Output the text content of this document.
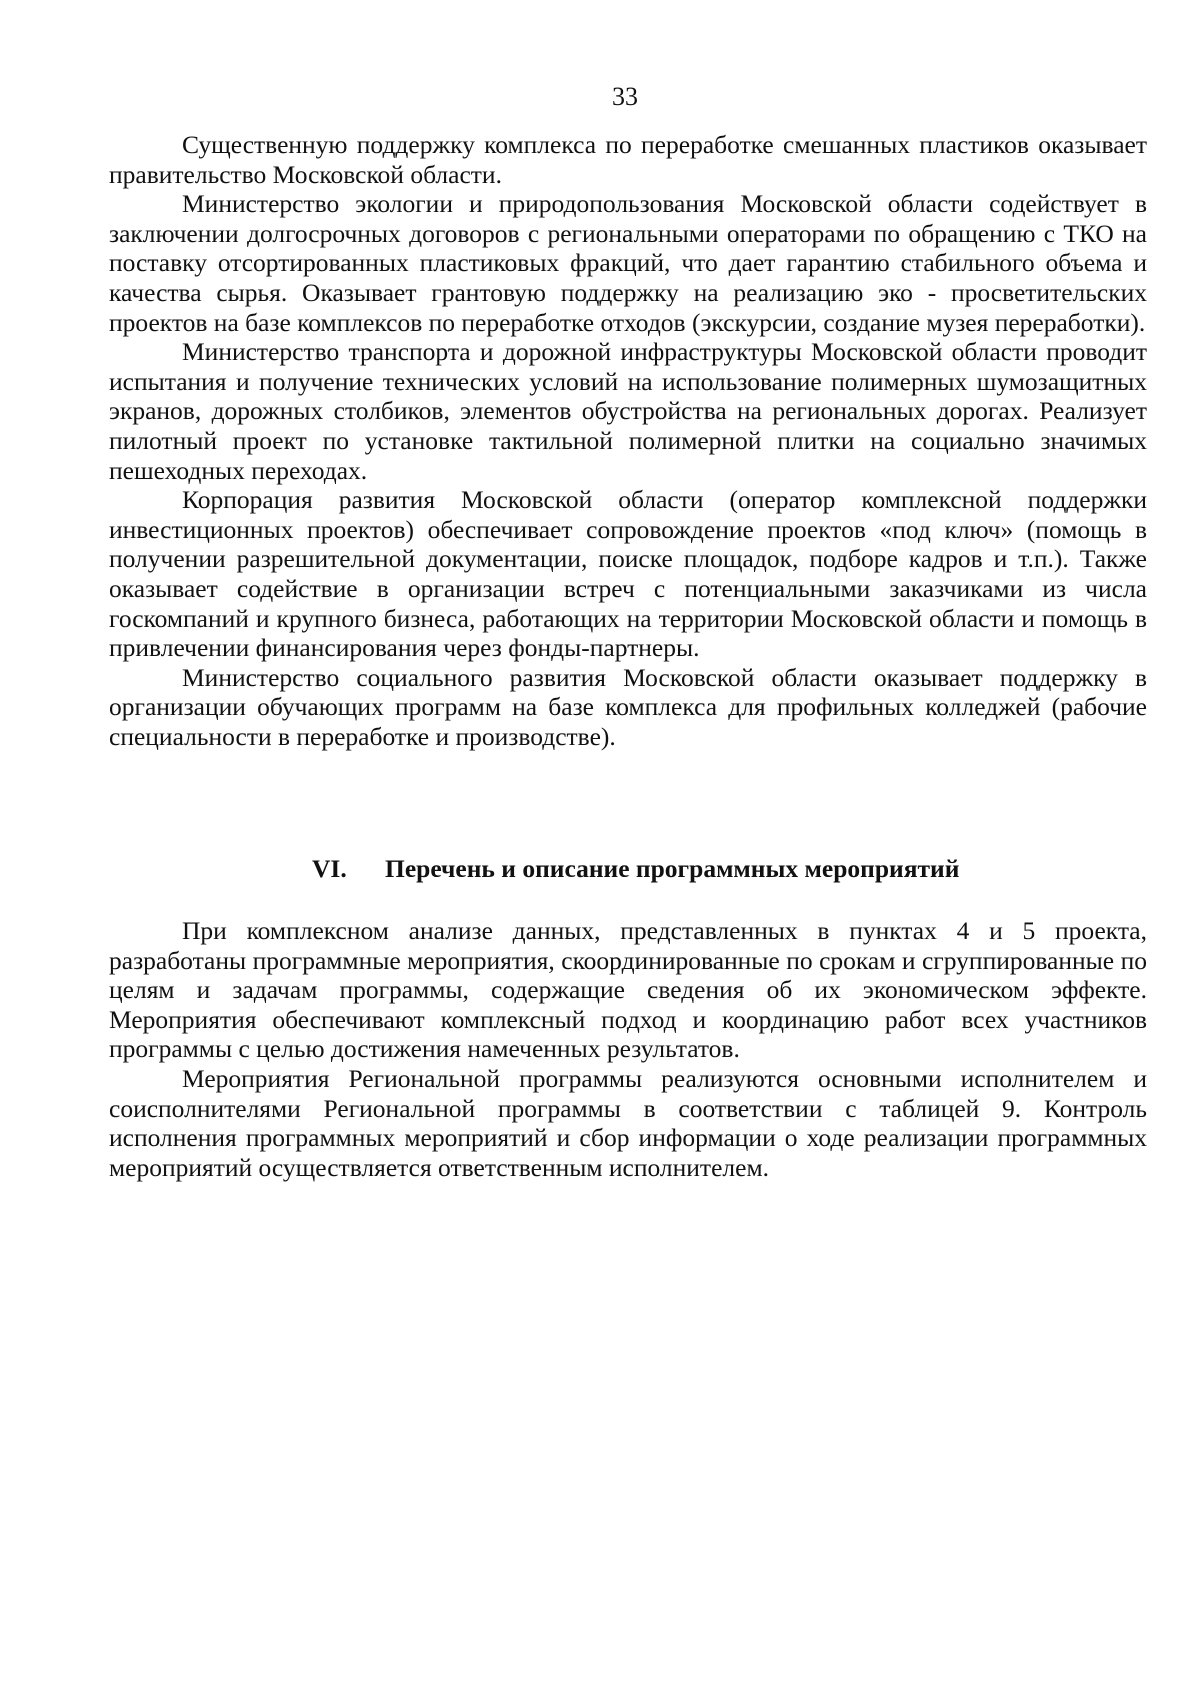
33

Существенную поддержку комплекса по переработке смешанных пластиков оказывает правительство Московской области.

Министерство экологии и природопользования Московской области содействует в заключении долгосрочных договоров с региональными операторами по обращению с ТКО на поставку отсортированных пластиковых фракций, что дает гарантию стабильного объема и качества сырья. Оказывает грантовую поддержку на реализацию эко - просветительских проектов на базе комплексов по переработке отходов (экскурсии, создание музея переработки).

Министерство транспорта и дорожной инфраструктуры Московской области проводит испытания и получение технических условий на использование полимерных шумозащитных экранов, дорожных столбиков, элементов обустройства на региональных дорогах. Реализует пилотный проект по установке тактильной полимерной плитки на социально значимых пешеходных переходах.

Корпорация развития Московской области (оператор комплексной поддержки инвестиционных проектов) обеспечивает сопровождение проектов «под ключ» (помощь в получении разрешительной документации, поиске площадок, подборе кадров и т.п.). Также оказывает содействие в организации встреч с потенциальными заказчиками из числа госкомпаний и крупного бизнеса, работающих на территории Московской области и помощь в привлечении финансирования через фонды-партнеры.

Министерство социального развития Московской области оказывает поддержку в организации обучающих программ на базе комплекса для профильных колледжей (рабочие специальности в переработке и производстве).

VI. Перечень и описание программных мероприятий

При комплексном анализе данных, представленных в пунктах 4 и 5 проекта, разработаны программные мероприятия, скоординированные по срокам и сгруппированные по целям и задачам программы, содержащие сведения об их экономическом эффекте. Мероприятия обеспечивают комплексный подход и координацию работ всех участников программы с целью достижения намеченных результатов.

Мероприятия Региональной программы реализуются основными исполнителем и соисполнителями Региональной программы в соответствии с таблицей 9. Контроль исполнения программных мероприятий и сбор информации о ходе реализации программных мероприятий осуществляется ответственным исполнителем.
